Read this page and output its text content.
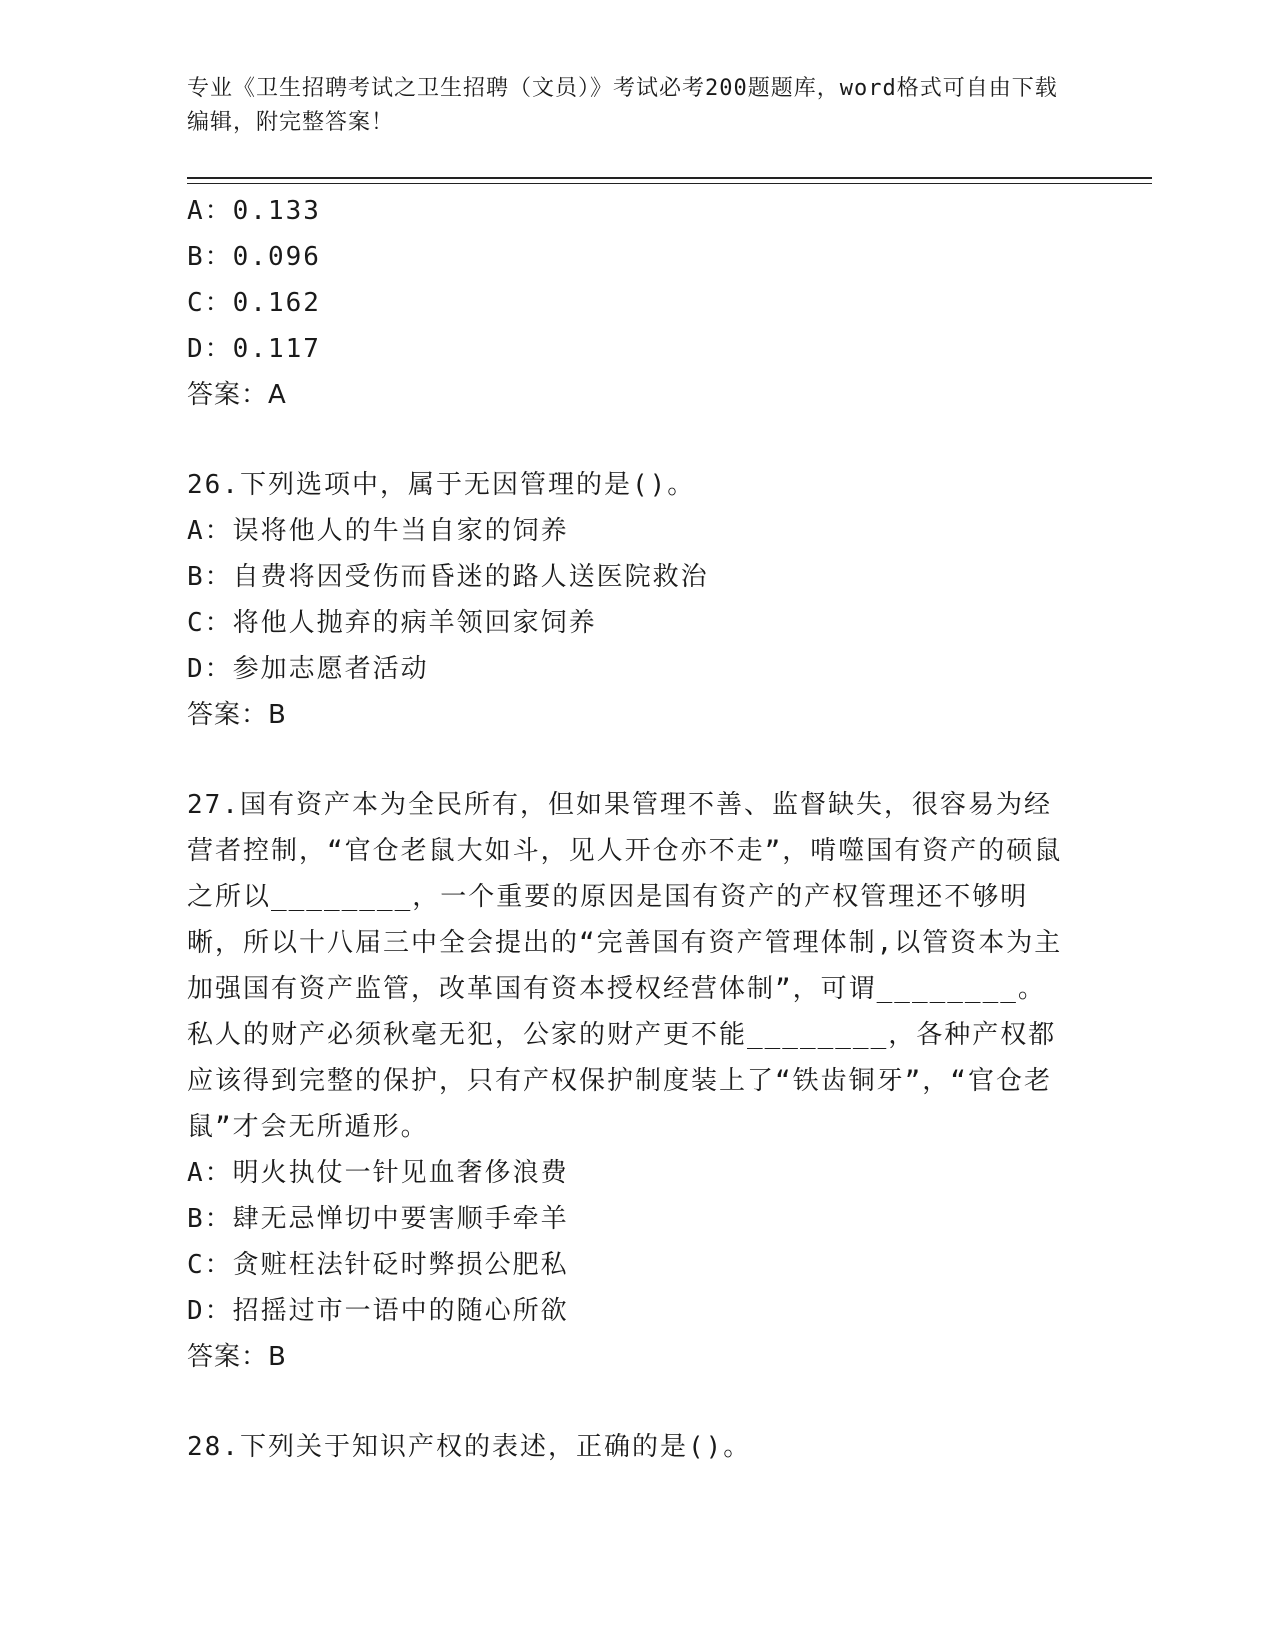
专业《卫生招聘考试之卫生招聘（文员）》考试必考200题题库，word格式可自由下载编辑，附完整答案！
A：0.133
B：0.096
C：0.162
D：0.117
答案：A
26.下列选项中，属于无因管理的是()。
A：误将他人的牛当自家的饲养
B：自费将因受伤而昏迷的路人送医院救治
C：将他人抛弃的病羊领回家饲养
D：参加志愿者活动
答案：B
27.国有资产本为全民所有，但如果管理不善、监督缺失，很容易为经营者控制，“官仓老鼠大如斗，见人开仓亦不走”，啃噬国有资产的硕鼠之所以________，一个重要的原因是国有资产的产权管理还不够明晰，所以十八届三中全会提出的“完善国有资产管理体制,以管资本为主加强国有资产监管，改革国有资本授权经营体制”，可谓________。私人的财产必须秋毫无犯，公家的财产更不能________，各种产权都应该得到完整的保护，只有产权保护制度装上了“铁齿铜牙”，“官仓老鼠”才会无所遁形。
A：明火执仗一针见血奢侈浪费
B：肆无忌惮切中要害顺手牵羊
C：贪赃枉法针砭时弊损公肥私
D：招摇过市一语中的随心所欲
答案：B
28.下列关于知识产权的表述，正确的是()。
